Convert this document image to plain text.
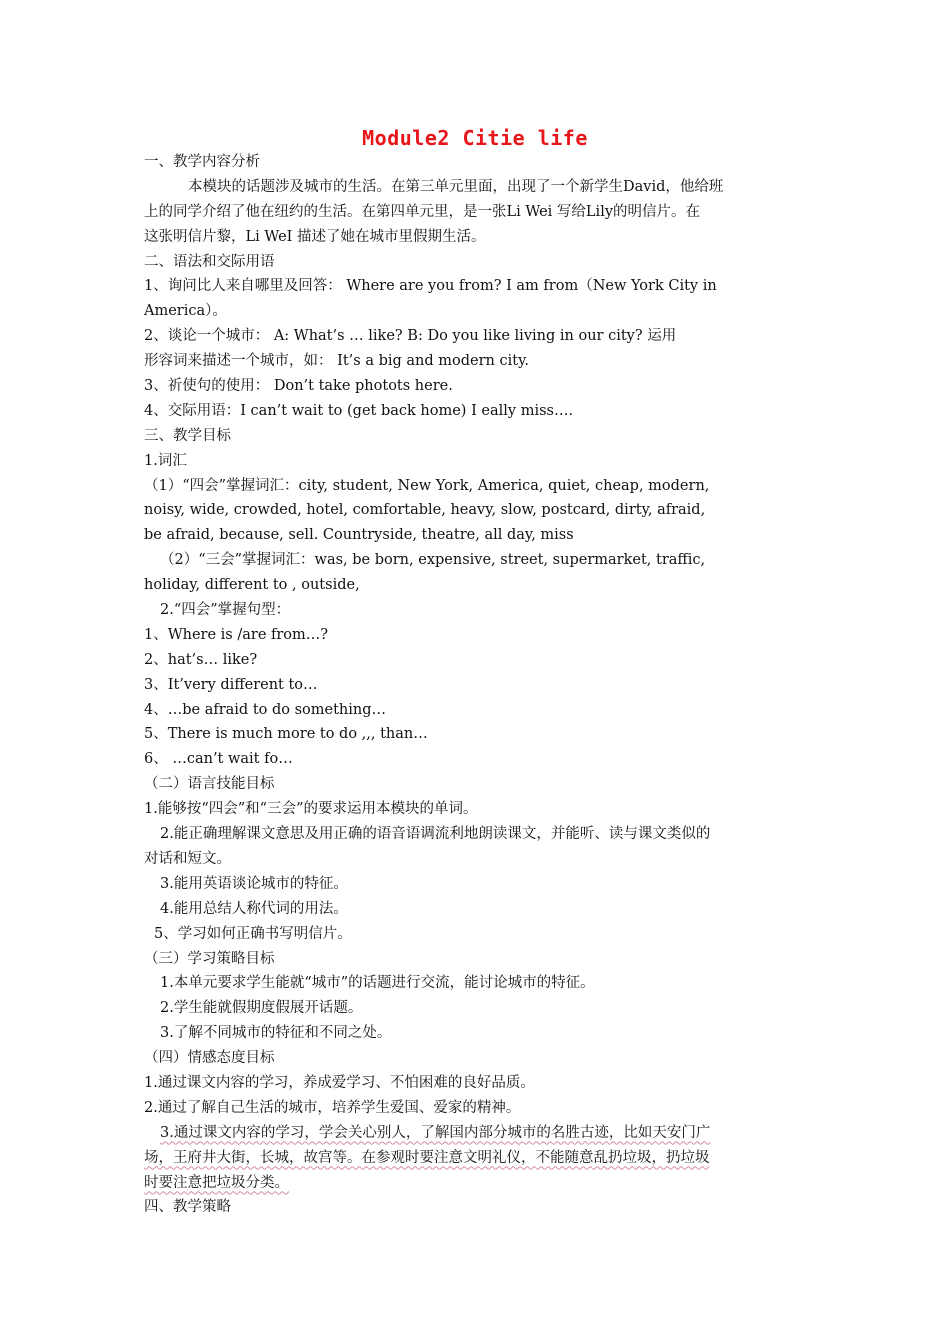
Module2 Citie life
一、教学内容分析
本模块的话题涉及城市的生活。在第三单元里面，出现了一个新学生David，他给班
上的同学介绍了他在纽约的生活。在第四单元里，是一张Li Wei 写给Lily的明信片。在
这张明信片黎，Li WeI 描述了她在城市里假期生活。
二、语法和交际用语
1、询问比人来自哪里及回答： Where are you from? I am from（New York City in
America）。
2、谈论一个城市： A: What’s … like? B: Do you like living in our city? 运用
形容词来描述一个城市，如： It’s a big and modern city.
3、祈使句的使用： Don’t take photots here.
4、交际用语：I can’t wait to (get back home) I eally miss….
三、教学目标
1.词汇
（1）“四会”掌握词汇：city, student, New York, America, quiet, cheap, modern,
noisy, wide, crowded, hotel, comfortable, heavy, slow, postcard, dirty, afraid,
be afraid, because, sell. Countryside, theatre, all day, miss
（2）“三会”掌握词汇：was, be born, expensive, street, supermarket, traffic,
holiday, different to , outside,
2.“四会”掌握句型：
1、Where is /are from…?
2、hat’s… like?
3、It’very different to…
4、…be afraid to do something…
5、There is much more to do ,,, than…
6、 …can’t wait fo…
（二）语言技能目标
1.能够按“四会”和“三会”的要求运用本模块的单词。
2.能正确理解课文意思及用正确的语音语调流利地朗读课文，并能听、读与课文类似的
对话和短文。
3.能用英语谈论城市的特征。
4.能用总结人称代词的用法。
5、学习如何正确书写明信片。
（三）学习策略目标
1.本单元要求学生能就“城市”的话题进行交流，能讨论城市的特征。
2.学生能就假期度假展开话题。
3.了解不同城市的特征和不同之处。
（四）情感态度目标
1.通过课文内容的学习，养成爱学习、不怕困难的良好品质。
2.通过了解自己生活的城市，培养学生爱国、爱家的精神。
3.通过课文内容的学习，学会关心别人，了解国内部分城市的名胜古迹，比如天安门广
场，王府井大街，长城，故宫等。在参观时要注意文明礼仪，不能随意乱扔垃圾，扔垃圾
时要注意把垃圾分类。
四、教学策略
